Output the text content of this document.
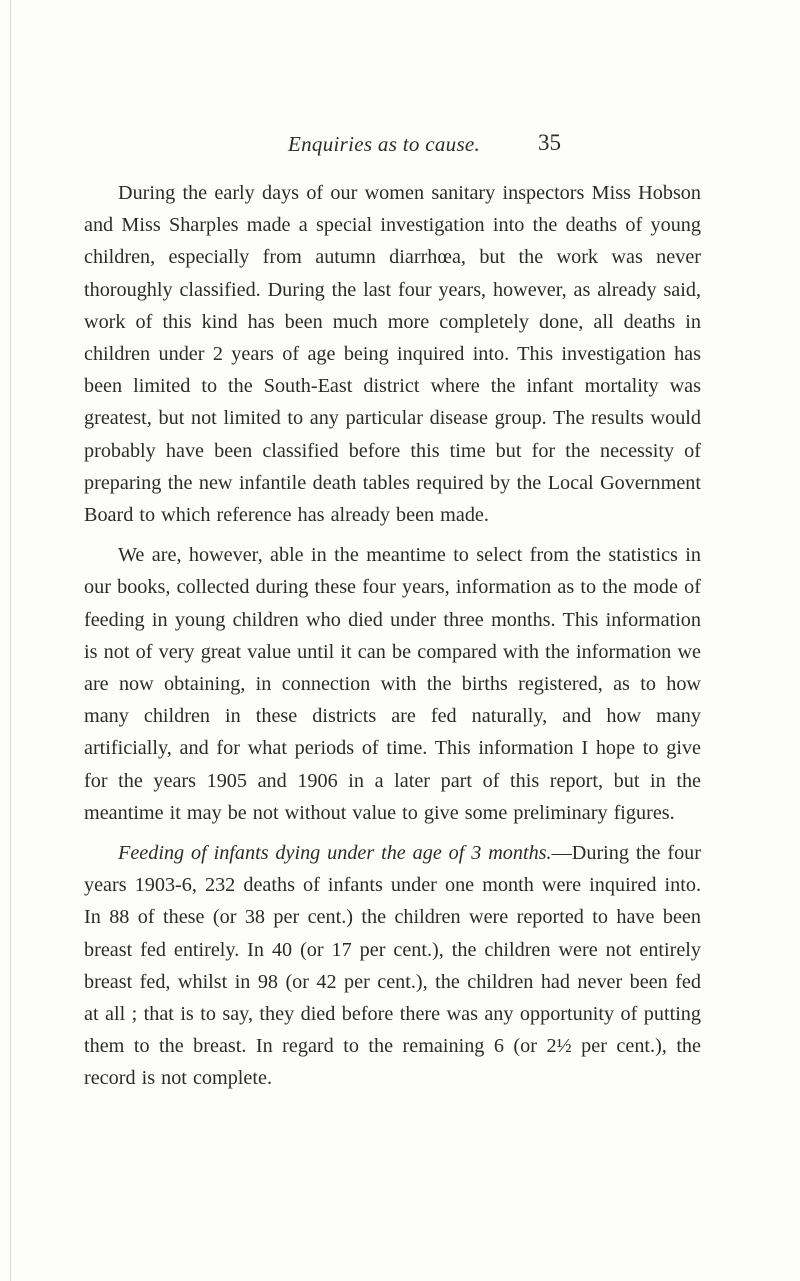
Enquiries as to cause.	35

During the early days of our women sanitary inspectors Miss Hobson and Miss Sharples made a special investigation into the deaths of young children, especially from autumn diarrhœa, but the work was never thoroughly classified. During the last four years, however, as already said, work of this kind has been much more completely done, all deaths in children under 2 years of age being inquired into. This investigation has been limited to the South-East district where the infant mortality was greatest, but not limited to any particular disease group. The results would probably have been classified before this time but for the necessity of preparing the new infantile death tables required by the Local Government Board to which reference has already been made.

We are, however, able in the meantime to select from the statistics in our books, collected during these four years, information as to the mode of feeding in young children who died under three months. This information is not of very great value until it can be compared with the information we are now obtaining, in connection with the births registered, as to how many children in these districts are fed naturally, and how many artificially, and for what periods of time. This information I hope to give for the years 1905 and 1906 in a later part of this report, but in the meantime it may be not without value to give some preliminary figures.

Feeding of infants dying under the age of 3 months.—During the four years 1903-6, 232 deaths of infants under one month were inquired into. In 88 of these (or 38 per cent.) the children were reported to have been breast fed entirely. In 40 (or 17 per cent.), the children were not entirely breast fed, whilst in 98 (or 42 per cent.), the children had never been fed at all ; that is to say, they died before there was any opportunity of putting them to the breast. In regard to the remaining 6 (or 2½ per cent.), the record is not complete.
